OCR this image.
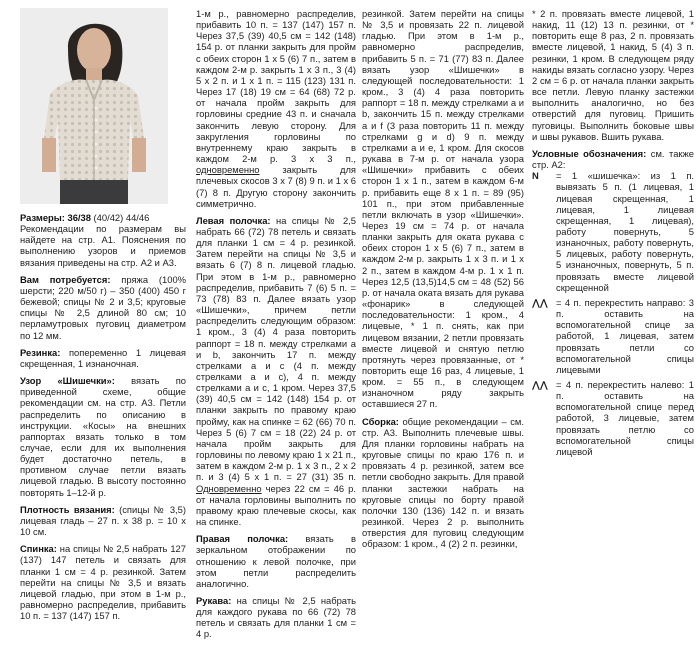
Размеры: 36/38 (40/42) 44/46
Рекомендации по размерам вы найдете на стр. А1. Пояснения по выполнению узоров и приемов вязания приведены на стр. А2 и А3.

Вам потребуется: пряжа (100% шерсти; 220 м/50 г) – 350 (400) 450 г бежевой; спицы № 2 и 3,5; круговые спицы № 2,5 длиной 80 см; 10 перламутровых пуговиц диаметром по 12 мм.

Резинка: попеременно 1 лицевая скрещенная, 1 изнаночная.

Узор «Шишечки»: вязать по приведенной схеме, общие рекомендации см. на стр. А3. Петли распределить по описанию в инструкции. «Косы» на внешних раппортах вязать только в том случае, если для их выполнения будет достаточно петель, в противном случае петли вязать лицевой гладью. В высоту постоянно повторять 1–12-й р.

Плотность вязания: (спицы № 3,5) лицевая гладь – 27 п. х 38 р. = 10 х 10 см.

Спинка: на спицы № 2,5 набрать 127 (137) 147 петель и связать для планки 1 см = 4 р. резинкой. Затем перейти на спицы № 3,5 и вязать лицевой гладью, при этом в 1-м р., равномерно распределив, прибавить 10 п. = 137 (147) 157 п.

1-м р., равномерно распределив, прибавить 10 п. = 137 (147) 157 п. Через 37,5 (39) 40,5 см = 142 (148) 154 р. от планки закрыть для пройм с обеих сторон 1 х 5 (6) 7 п., затем в каждом 2-м р. закрыть 1 х 3 п., 3 (4) 5 х 2 п. и 1 х 1 п. = 115 (123) 131 п. Через 17 (18) 19 см = 64 (68) 72 р. от начала пройм закрыть для горловины средние 43 п. и сначала закончить левую сторону. Для закругления горловины по внутреннему краю закрыть в каждом 2-м р. 3 х 3 п., одновременно закрыть для плечевых скосов 3 х 7 (8) 9 п. и 1 х 6 (7) 8 п. Другую сторону закончить симметрично.

Левая полочка: на спицы № 2,5 набрать 66 (72) 78 петель и связать для планки 1 см = 4 р. резинкой. Затем перейти на спицы № 3,5 и вязать 6 (7) 8 п. лицевой гладью. При этом в 1-м р., равномерно распределив, прибавить 7 (6) 5 п. = 73 (78) 83 п. Далее вязать узор «Шишечки», причем петли распределить следующим образом: 1 кром., 3 (4) 4 раза повторить раппорт = 18 п. между стрелками а и b, закончить 17 п. между стрелками a и с (4 п. между стрелками а и с), 4 п. между стрелками а и с, 1 кром. Через 37,5 (39) 40,5 см = 142 (148) 154 р. от планки закрыть по правому краю пройму, как на спинке = 62 (66) 70 п. Через 5 (6) 7 см = 18 (22) 24 р. от начала пройм закрыть для горловины по левому краю 1 х 21 п., затем в каждом 2-м р. 1 х 3 п., 2 х 2 п. и 3 (4) 5 х 1 п. = 27 (31) 35 п. Одновременно через 22 см = 46 р. от начала горловины выполнить по правому краю плечевые скосы, как на спинке.

Правая полочка: вязать в зеркальном отображении по отношению к левой полочке, при этом петли распределить аналогично.

Рукава: на спицы № 2,5 набрать для каждого рукава по 66 (72) 78 петель и связать для планки 1 см = 4 р.

резинкой. Затем перейти на спицы № 3,5 и провязать 22 п. лицевой гладью. При этом в 1-м р., равномерно распределив, прибавить 5 п. = 71 (77) 83 п. Далее вязать узор «Шишечки» в следующей последовательности: 1 кром., 3 (4) 4 раза повторить раппорт = 18 п. между стрелками а и b, закончить 15 п. между стрелками а и f (3 раза повторить 11 п. между стрелками g и d) 9 п. между стрелками а и e, 1 кром. Для скосов рукава в 7-м р. от начала узора «Шишечки» прибавить с обеих сторон 1 х 1 п., затем в каждом 6-м р. прибавить еще 8 х 1 п. = 89 (95) 101 п., при этом прибавленные петли включать в узор «Шишечки». Через 19 см = 74 р. от начала планки закрыть для оката рукава с обеих сторон 1 х 5 (6) 7 п., затем в каждом 2-м р. закрыть 1 х 3 п. и 1 х 2 п., затем в каждом 4-м р. 1 х 1 п. Через 12,5 (13,5)14,5 см = 48 (52) 56 р. от начала оката вязать для рукава «фонарик» в следующей последовательности: 1 кром., 4 лицевые, * 1 п. снять, как при лицевом вязании, 2 петли провязать вместе лицевой и снятую петлю протянуть через провязанные, от * повторить еще 16 раз, 4 лицевые, 1 кром. = 55 п., в следующем изнаночном ряду закрыть оставшиеся 27 п.

Сборка: общие рекомендации – см. стр. А3. Выполнить плечевые швы. Для планки горловины набрать на круговые спицы по краю 176 п. и провязать 4 р. резинкой, затем все петли свободно закрыть. Для правой планки застежки набрать на круговые спицы по борту правой полочки 130 (136) 142 п. и вязать резинкой. Через 2 р. выполнить отверстия для пуговиц следующим образом: 1 кром., 4 (2) 2 п. резинки,

* 2 п. провязать вместе лицевой, 1 накид, 11 (12) 13 п. резинки, от * повторить еще 8 раз, 2 п. провязать вместе лицевой, 1 накид, 5 (4) 3 п. резинки, 1 кром. В следующем ряду накиды вязать согласно узору. Через 2 см = 6 р. от начала планки закрыть все петли. Левую планку застежки выполнить аналогично, но без отверстий для пуговиц. Пришить пуговицы. Выполнить боковые швы и швы рукавов. Вшить рукава.

Условные обозначения: см. также стр. А2:

N	= 1 «шишечка»: из 1 п. вывязать 5 п. (1 лицевая, 1 лицевая скрещенная, 1 лицевая, 1 лицевая скрещенная, 1 лицевая), работу повернуть, 5 изнаночных, работу повернуть, 5 лицевых, работу повернуть, 5 изнаночных, повернуть, 5 п. провязать вместе лицевой скрещенной
⋀⋀ = 4 п. перекрестить направо: 3 п. оставить на вспомогательной спице за работой, 1 лицевая, затем провязать петли со вспомогательной спицы лицевыми
⋀⋀ = 4 п. перекрестить налево: 1 п. оставить на вспомогательной спице перед работой, 3 лицевые, затем провязать петлю со вспомогательной спицы лицевой
